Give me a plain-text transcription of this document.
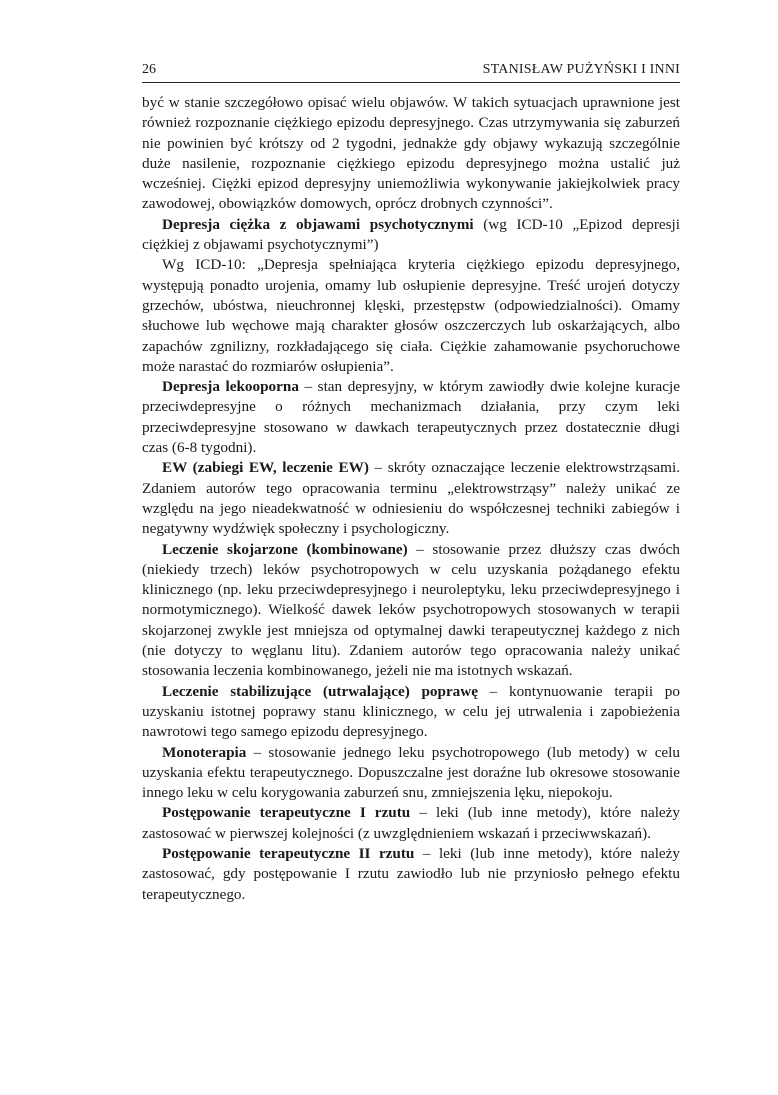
26	STANISŁAW PUŻYŃSKI I INNI

być w stanie szczegółowo opisać wielu objawów. W takich sytuacjach uprawnione jest również rozpoznanie ciężkiego epizodu depresyjnego. Czas utrzymywania się zaburzeń nie powinien być krótszy od 2 tygodni, jednakże gdy objawy wykazują szczególnie duże nasilenie, rozpoznanie ciężkiego epizodu depresyjnego można ustalić już wcześniej. Ciężki epizod depresyjny uniemożliwia wykonywanie jakiejkolwiek pracy zawodowej, obowiązków domowych, oprócz drobnych czynności”.

Depresja ciężka z objawami psychotycznymi (wg ICD-10 „Epizod depresji ciężkiej z objawami psychotycznymi”)

Wg ICD-10: „Depresja spełniająca kryteria ciężkiego epizodu depresyjnego, występują ponadto urojenia, omamy lub osłupienie depresyjne. Treść urojeń dotyczy grzechów, ubóstwa, nieuchronnej klęski, przestępstw (odpowiedzialności). Omamy słuchowe lub węchowe mają charakter głosów oszczerczych lub oskarżających, albo zapachów zgnilizny, rozkładającego się ciała. Ciężkie zahamowanie psychoruchowe może narastać do rozmiarów osłupienia”.

Depresja lekooporna – stan depresyjny, w którym zawiodły dwie kolejne kuracje przeciwdepresyjne o różnych mechanizmach działania, przy czym leki przeciwdepresyjne stosowano w dawkach terapeutycznych przez dostatecznie długi czas (6-8 tygodni).

EW (zabiegi EW, leczenie EW) – skróty oznaczające leczenie elektrowstrząsami. Zdaniem autorów tego opracowania terminu „elektrowstrząsy” należy unikać ze względu na jego nieadekwatność w odniesieniu do współczesnej techniki zabiegów i negatywny wydźwięk społeczny i psychologiczny.

Leczenie skojarzone (kombinowane) – stosowanie przez dłuższy czas dwóch (niekiedy trzech) leków psychotropowych w celu uzyskania pożądanego efektu klinicznego (np. leku przeciwdepresyjnego i neuroleptyku, leku przeciwdepresyjnego i normotymicznego). Wielkość dawek leków psychotropowych stosowanych w terapii skojarzonej zwykle jest mniejsza od optymalnej dawki terapeutycznej każdego z nich (nie dotyczy to węglanu litu). Zdaniem autorów tego opracowania należy unikać stosowania leczenia kombinowanego, jeżeli nie ma istotnych wskazań.

Leczenie stabilizujące (utrwalające) poprawę – kontynuowanie terapii po uzyskaniu istotnej poprawy stanu klinicznego, w celu jej utrwalenia i zapobieżenia nawrotowi tego samego epizodu depresyjnego.

Monoterapia – stosowanie jednego leku psychotropowego (lub metody) w celu uzyskania efektu terapeutycznego. Dopuszczalne jest doraźne lub okresowe stosowanie innego leku w celu korygowania zaburzeń snu, zmniejszenia lęku, niepokoju.

Postępowanie terapeutyczne I rzutu – leki (lub inne metody), które należy zastosować w pierwszej kolejności (z uwzględnieniem wskazań i przeciwwskazań).

Postępowanie terapeutyczne II rzutu – leki (lub inne metody), które należy zastosować, gdy postępowanie I rzutu zawiodło lub nie przyniosło pełnego efektu terapeutycznego.
